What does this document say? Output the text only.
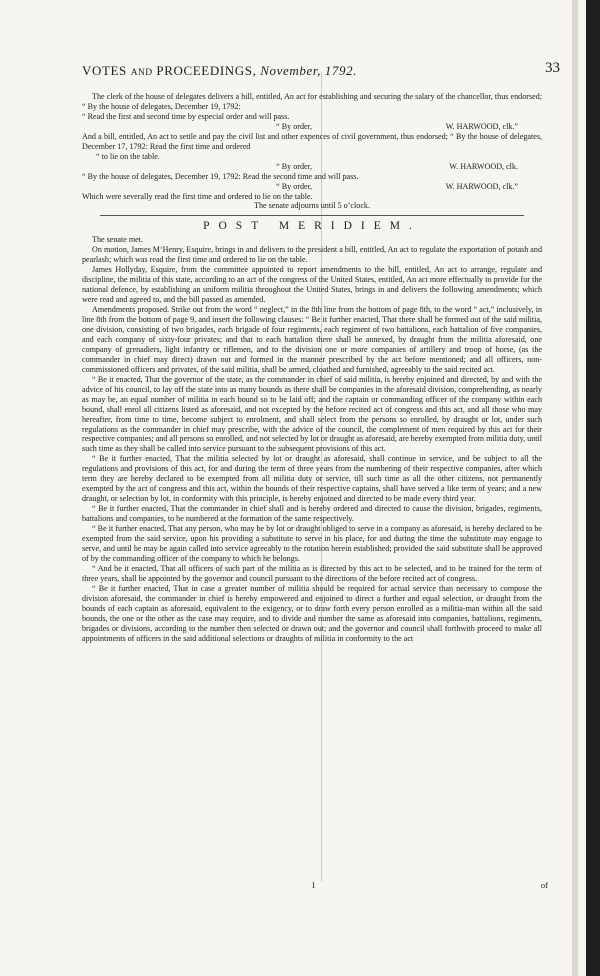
VOTES AND PROCEEDINGS, November, 1792.	33

The clerk of the house of delegates delivers a bill, entitled, An act for establishing and securing the salary of the chancellor, thus endorsed; “ By the house of delegates, December 19, 1792:

“ Read the first and second time by especial order and will pass.

“ By order,	W. HARWOOD, clk.”

And a bill, entitled, An act to settle and pay the civil list and other expences of civil government, thus endorsed; “ By the house of delegates, December 17, 1792: Read the first time and ordered

“ to lie on the table.

“ By order,	W. HARWOOD, clk.

“ By the house of delegates, December 19, 1792: Read the second time and will pass.

“ By order,	W. HARWOOD, clk.”

Which were severally read the first time and ordered to lie on the table.

The senate adjourns until 5 o’clock.

POST MERIDIEM.

The senate met.

On motion, James M‘Henry, Esquire, brings in and delivers to the president a bill, entitled, An act to regulate the exportation of potash and pearlash; which was read the first time and ordered to lie on the table.

James Hollyday, Esquire, from the committee appointed to report amendments to the bill, entitled, An act to arrange, regulate and discipline, the militia of this state, according to an act of the congress of the United States, entitled, An act more effectually to provide for the national defence, by establishing an uniform militia throughout the United States, brings in and delivers the following amendments; which were read and agreed to, and the bill passed as amended.

Amendments proposed. Strike out from the word “ neglect,” in the 8th line from the bottom of page 8th, to the word “ act,” inclusively, in line 8th from the bottom of page 9, and insert the following clauses: “ Be it further enacted, That there shall be formed out of the said militia, one division, consisting of two brigades, each brigade of four regiments, each regiment of two battalions, each battalion of five companies, and each company of sixty-four privates; and that to each battalion there shall be annexed, by draught from the militia aforesaid, one company of grenadiers, light infantry or riflemen, and to the division one or more companies of artillery and troop of horse, (as the commander in chief may direct) drawn out and formed in the manner prescribed by the act before mentioned; and all officers, non-commissioned officers and privates, of the said militia, shall be armed, cloathed and furnished, agreeably to the said recited act.

“ Be it enacted, That the governor of the state, as the commander in chief of said militia, is hereby enjoined and directed, by and with the advice of his council, to lay off the state into as many bounds as there shall be companies in the aforesaid division, comprehending, as nearly as may be, an equal number of militia in each bound so to be laid off; and the captain or commanding officer of the company within each bound, shall enrol all citizens listed as aforesaid, and not excepted by the before recited act of congress and this act, and all those who may hereafter, from time to time, become subject to enrolment, and shall select from the persons so enrolled, by draught or lot, under such regulations as the commander in chief may prescribe, with the advice of the council, the complement of men required by this act for their respective companies; and all persons so enrolled, and not selected by lot or draught as aforesaid, are hereby exempted from militia duty, until such time as they shall be called into service pursuant to the subsequent provisions of this act.

“ Be it further enacted, That the militia selected by lot or draught as aforesaid, shall continue in service, and be subject to all the regulations and provisions of this act, for and during the term of three years from the numbering of their respective companies, after which term they are hereby declared to be exempted from all militia duty or service, till such time as all the other citizens, not permanently exempted by the act of congress and this act, within the bounds of their respective captains, shall have served a like term of years; and a new draught, or selection by lot, in conformity with this principle, is hereby enjoined and directed to be made every third year.

“ Be it further enacted, That the commander in chief shall and is hereby ordered and directed to cause the division, brigades, regiments, battalions and companies, to be numbered at the formation of the same respectively.

“ Be it further enacted, That any person, who may be by lot or draught obliged to serve in a company as aforesaid, is hereby declared to be exempted from the said service, upon his providing a substitute to serve in his place, for and during the time the substitute may engage to serve, and until he may be again called into service agreeably to the rotation herein established; provided the said substitute shall be approved of by the commanding officer of the company to which he belongs.

“ And be it enacted, That all officers of such part of the militia as is directed by this act to be selected, and to be trained for the term of three years, shall be appointed by the governor and council pursuant to the directions of the before recited act of congress.

“ Be it further enacted, That in case a greater number of militia should be required for actual service than necessary to compose the division aforesaid, the commander in chief is hereby empowered and enjoined to direct a further and equal selection, or draught from the bounds of each captain as aforesaid, equivalent to the exigency, or to draw forth every person enrolled as a militia-man within all the said bounds, the one or the other as the case may require, and to divide and number the same as aforesaid into companies, battalions, regiments, brigades or divisions, according to the number then selected or drawn out; and the governor and council shall forthwith proceed to make all appointments of officers in the said additional selections or draughts of militia in conformity to the act

I	of
